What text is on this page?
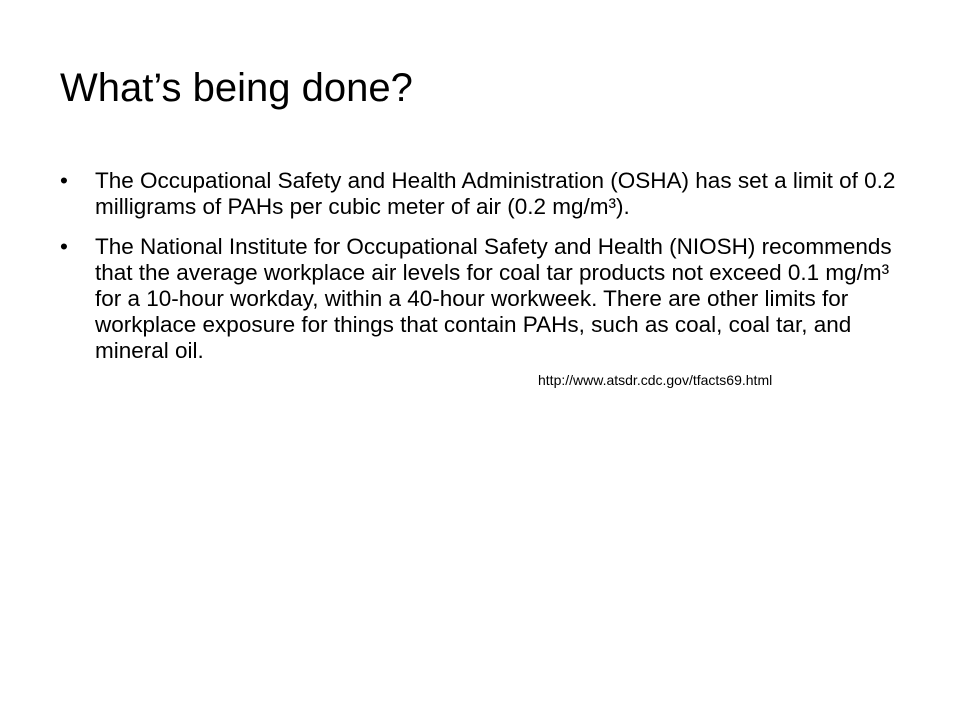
What’s being done?
•	The Occupational Safety and Health Administration (OSHA) has set a limit of 0.2 milligrams of PAHs per cubic meter of air (0.2 mg/m³).
•	The National Institute for Occupational Safety and Health (NIOSH) recommends that the average workplace air levels for coal tar products not exceed 0.1 mg/m³ for a 10-hour workday, within a 40-hour workweek. There are other limits for workplace exposure for things that contain PAHs, such as coal, coal tar, and mineral oil.
http://www.atsdr.cdc.gov/tfacts69.html
